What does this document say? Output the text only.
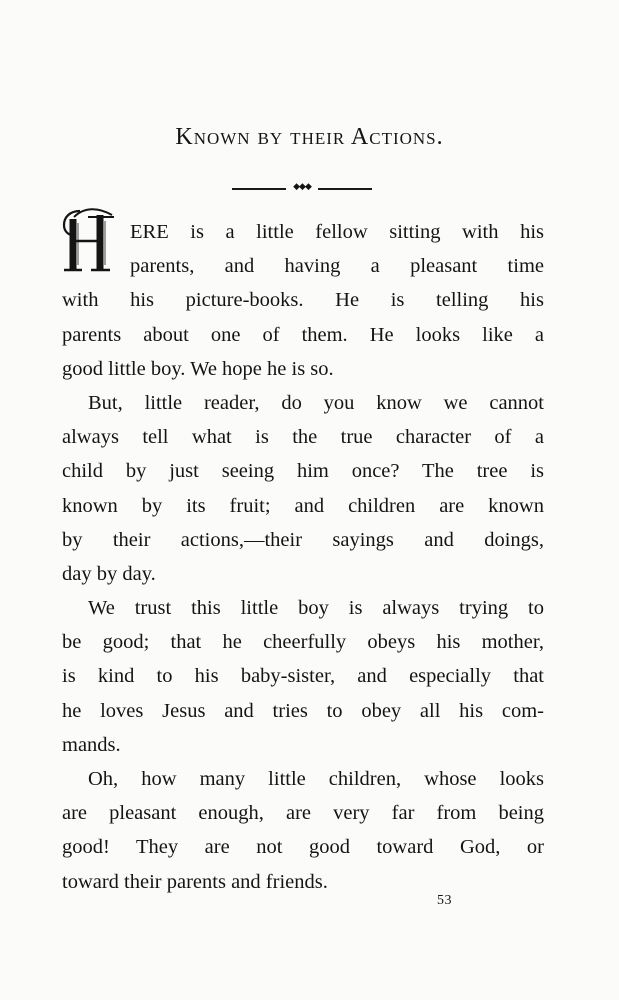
Known by their Actions.
◆◆◆
ERE is a little fellow sitting with his
parents, and having a pleasant time
with his picture-books. He is telling his
parents about one of them. He looks like a
good little boy. We hope he is so.
But, little reader, do you know we cannot
always tell what is the true character of a
child by just seeing him once? The tree is
known by its fruit; and children are known
by their actions,—their sayings and doings,
day by day.
We trust this little boy is always trying to
be good; that he cheerfully obeys his mother,
is kind to his baby-sister, and especially that
he loves Jesus and tries to obey all his com-
mands.
Oh, how many little children, whose looks
are pleasant enough, are very far from being
good! They are not good toward God, or
toward their parents and friends.
53
